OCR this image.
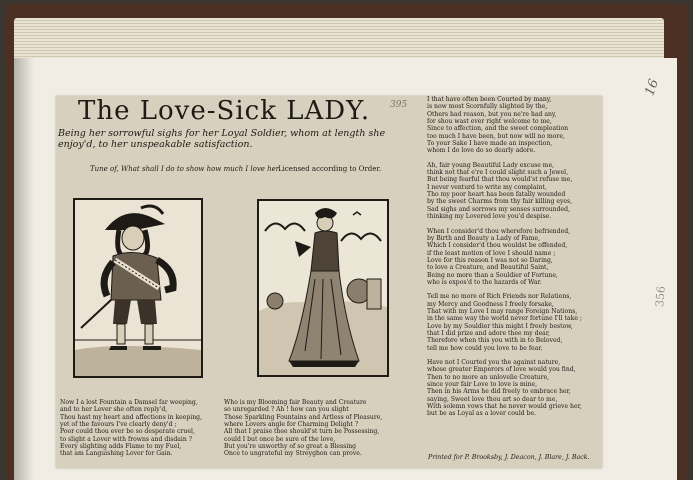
16
356
The Love-Sick LADY.
Being her sorrowful sighs for her Loyal Soldier, whom at length she enjoy'd, to her unspeakable satisfaction.
Tune of, What shall I do to show how much I love her.
Licensed according to Order.
395
Now I a lost Fountain a Damsel far weeping,
and to her Lover she often reply'd,
Thou hast my heart and affections in keeping,
yet of the favours I've clearly deny'd ;
Poor could thou ever be so desperate cruel,
to slight a Lover with frowns and disdain ?
Every slighting adds Flame to my Fuel,
that am Languishing Lover for Gain.
Who is my Blooming fair Beauty and Creature
so unregarded ? Ah ! how can you slight
Those Sparkling Fountains and Artless of Pleasure,
where Lovers angle for Charming Delight ?
All that I praise thee should'st turn be Possessing,
could I but once be sure of the love,
But you're unworthy of so great a Blessing
Once to ungrateful my Streyghon can prove.
I that have often been Courted by many,
is now most Scornfully slighted by the,
Others had reason, but you ne're had any,
for shou wast ever right welcome to me,
Since to affection, and the sweet compleation
too much I have been, but now will no more,
To your Sake I have made an inspection,
whom I do love do so dearly adore.
Ah, fair young Beautiful Lady excuse me,
think not that e're I could slight such a Jewel,
But being fearful that thou would'st refuse me,
I never venturd to write my complaint,
Tho my poor heart has been fatally wounded
by the sweet Charms from thy fair killing eyes,
Sad sighs and sorrows my senses surrounded,
thinking my Lovered love you'd despise.
When I consider'd thou wherefore befriended,
by Birth and Beauty a Lady of Fame,
Which I consider'd thou wouldst be offended,
if the least motion of love I should name ;
Love for this reason I was not so Daring,
to love a Creature, and Beautiful Saint,
Being no more than a Souldier of Fortune,
who is expos'd to the hazards of War.
Tell me no more of Rich Friends nor Relations,
my Mercy and Goodness I freely forsake,
That with my Love I may range Foreign Nations,
in the same way the world never fortune I'll take ;
Love by my Souldier this might I freely bestow,
that I did prize and adore thee my dear,
Therefore when this you with in to Beloved,
tell me how could you love to be fear.
Have not I Courted you the against nature,
whose greater Emperors of love would you find,
Then to no more an unlovelie Creature,
since your fair Love to love is mine,
Then in his Arms he did freely to embrace her,
saying, Sweet love thou art so dear to me,
With solemn vows that he never would grieve her,
but be as Loyal as a lover could be.
Printed for P. Brooksby, J. Deacon, J. Blare, J. Back.
